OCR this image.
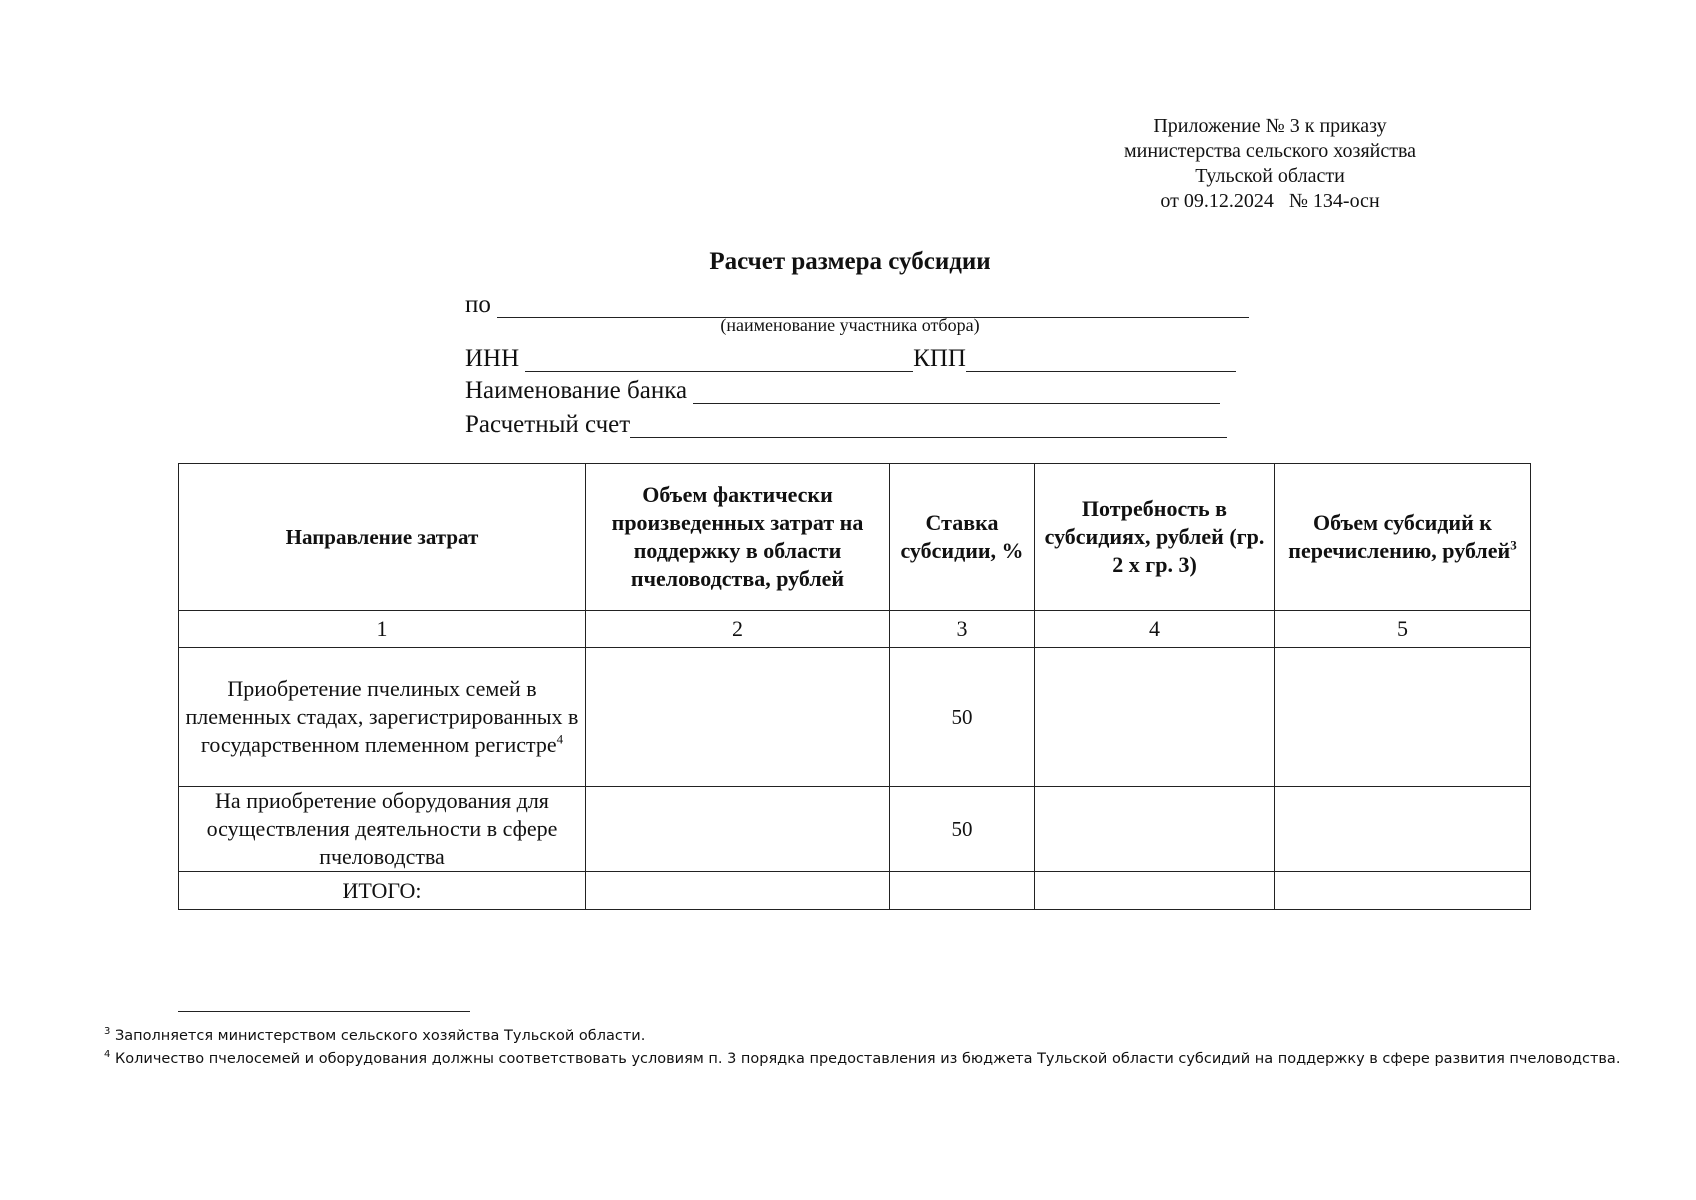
Приложение № 3 к приказу
министерства сельского хозяйства
Тульской области
от 09.12.2024   № 134-осн
Расчет размера субсидии
по
(наименование участника отбора)
ИНН	КПП
Наименование банка
Расчетный счет
Направление затрат	Объем фактически произведенных затрат на поддержку в области пчеловодства, рублей	Ставка субсидии, %	Потребность в субсидиях, рублей (гр. 2 х гр. 3)	Объем субсидий к перечислению, рублей$^3$
1	2	3	4	5
Приобретение пчелиных семей в племенных стадах, зарегистрированных в государственном племенном регистре$^4$		50		
На приобретение оборудования для осуществления деятельности в сфере пчеловодства		50		
ИТОГО:				
$^3$ Заполняется министерством сельского хозяйства Тульской области.
$^4$ Количество пчелосемей и оборудования должны соответствовать условиям п. 3 порядка предоставления из бюджета Тульской области субсидий на поддержку в сфере развития пчеловодства.
